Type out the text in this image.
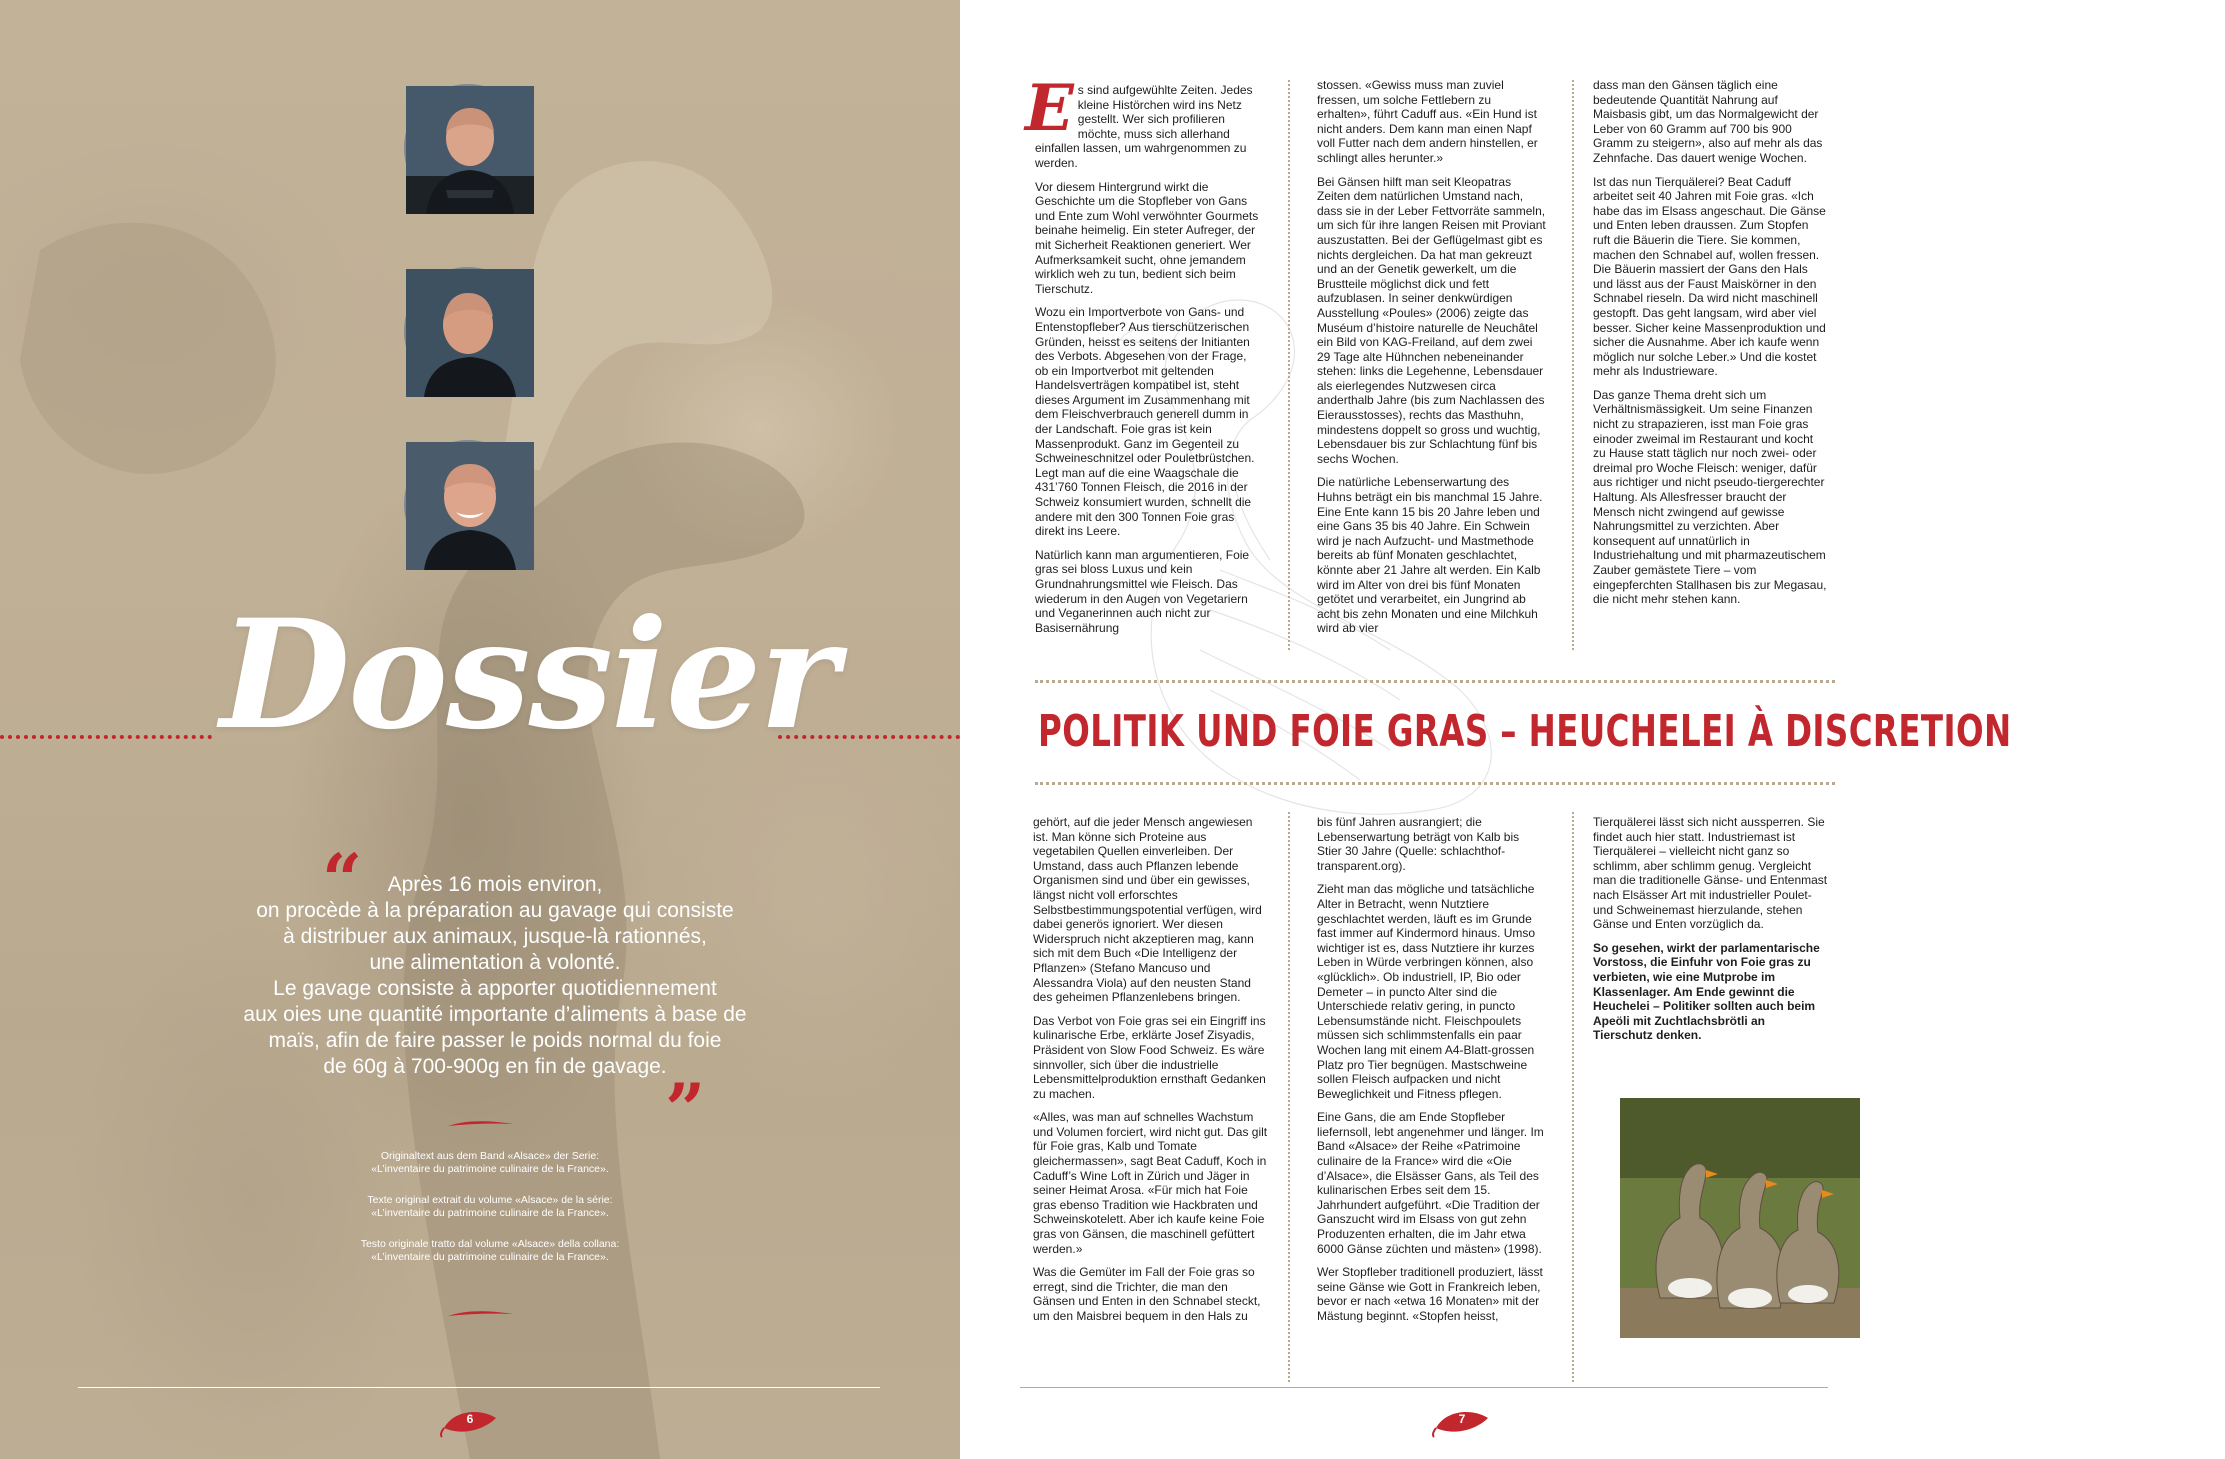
Dossier
“	Après 16 mois environ,
on procède à la préparation au gavage qui consiste
à distribuer aux animaux, jusque-là rationnés,
une alimentation à volonté.
Le gavage consiste à apporter quotidiennement
aux oies une quantité importante d’aliments à base de
maïs, afin de faire passer le poids normal du foie
de 60g à 700-900g en fin de gavage.
”

Originaltext aus dem Band «Alsace» der Serie:
«L’inventaire du patrimoine culinaire de la France».

Texte original extrait du volume «Alsace» de la série:
«L’inventaire du patrimoine culinaire de la France».

Testo originale tratto dal volume «Alsace» della collana:
«L’inventaire du patrimoine culinaire de la France».

6

Es sind aufgewühlte Zeiten. Jedes kleine Histörchen wird ins Netz gestellt. Wer sich profilieren möchte, muss sich allerhand einfallen lassen, um wahrgenommen zu werden.

Vor diesem Hintergrund wirkt die Geschichte um die Stopfleber von Gans und Ente zum Wohl verwöhnter Gourmets beinahe heimelig. Ein steter Aufreger, der mit Sicherheit Reaktionen generiert. Wer Aufmerksamkeit sucht, ohne jemandem wirklich weh zu tun, bedient sich beim Tierschutz.

Wozu ein Importverbote von Gans- und Entenstopfleber? Aus tierschützerischen Gründen, heisst es seitens der Initianten des Verbots. Abgesehen von der Frage, ob ein Importverbot mit geltenden Handelsverträgen kompatibel ist, steht dieses Argument im Zusammenhang mit dem Fleischverbrauch generell dumm in der Landschaft. Foie gras ist kein Massenprodukt. Ganz im Gegenteil zu Schweineschnitzel oder Pouletbrüstchen. Legt man auf die eine Waagschale die 431’760 Tonnen Fleisch, die 2016 in der Schweiz konsumiert wurden, schnellt die andere mit den 300 Tonnen Foie gras direkt ins Leere.

Natürlich kann man argumentieren, Foie gras sei bloss Luxus und kein Grundnahrungsmittel wie Fleisch. Das wiederum in den Augen von Vegetariern und Veganerinnen auch nicht zur Basisernährung

stossen. «Gewiss muss man zuviel fressen, um solche Fettlebern zu erhalten», führt Caduff aus. «Ein Hund ist nicht anders. Dem kann man einen Napf voll Futter nach dem andern hinstellen, er schlingt alles herunter.»

Bei Gänsen hilft man seit Kleopatras Zeiten dem natürlichen Umstand nach, dass sie in der Leber Fettvorräte sammeln, um sich für ihre langen Reisen mit Proviant auszustatten. Bei der Geflügelmast gibt es nichts dergleichen. Da hat man gekreuzt und an der Genetik gewerkelt, um die Brustteile möglichst dick und fett aufzublasen. In seiner denkwürdigen Ausstellung «Poules» (2006) zeigte das Muséum d’histoire naturelle de Neuchâtel ein Bild von KAG-Freiland, auf dem zwei 29 Tage alte Hühnchen nebeneinander stehen: links die Legehenne, Lebensdauer als eierlegendes Nutzwesen circa anderthalb Jahre (bis zum Nachlassen des Eierausstosses), rechts das Masthuhn, mindestens doppelt so gross und wuchtig, Lebensdauer bis zur Schlachtung fünf bis sechs Wochen.

Die natürliche Lebenserwartung des Huhns beträgt ein bis manchmal 15 Jahre. Eine Ente kann 15 bis 20 Jahre leben und eine Gans 35 bis 40 Jahre. Ein Schwein wird je nach Aufzucht- und Mastmethode bereits ab fünf Monaten geschlachtet, könnte aber 21 Jahre alt werden. Ein Kalb wird im Alter von drei bis fünf Monaten getötet und verarbeitet, ein Jungrind ab acht bis zehn Monaten und eine Milchkuh wird ab vier

dass man den Gänsen täglich eine bedeutende Quantität Nahrung auf Maisbasis gibt, um das Normalgewicht der Leber von 60 Gramm auf 700 bis 900 Gramm zu steigern», also auf mehr als das Zehnfache. Das dauert wenige Wochen.

Ist das nun Tierquälerei? Beat Caduff arbeitet seit 40 Jahren mit Foie gras. «Ich habe das im Elsass angeschaut. Die Gänse und Enten leben draussen. Zum Stopfen ruft die Bäuerin die Tiere. Sie kommen, machen den Schnabel auf, wollen fressen. Die Bäuerin massiert der Gans den Hals und lässt aus der Faust Maiskörner in den Schnabel rieseln. Da wird nicht maschinell gestopft. Das geht langsam, wird aber viel besser. Sicher keine Massenproduktion und sicher die Ausnahme. Aber ich kaufe wenn möglich nur solche Leber.» Und die kostet mehr als Industrieware.

Das ganze Thema dreht sich um Verhältnismässigkeit. Um seine Finanzen nicht zu strapazieren, isst man Foie gras einoder zweimal im Restaurant und kocht zu Hause statt täglich nur noch zwei- oder dreimal pro Woche Fleisch: weniger, dafür aus richtiger und nicht pseudo-tiergerechter Haltung. Als Allesfresser braucht der Mensch nicht zwingend auf gewisse Nahrungsmittel zu verzichten. Aber konsequent auf unnatürlich in Industriehaltung und mit pharmazeutischem Zauber gemästete Tiere – vom eingepferchten Stallhasen bis zur Megasau, die nicht mehr stehen kann.

POLITIK UND FOIE GRAS – HEUCHELEI À DISCRETION

gehört, auf die jeder Mensch angewiesen ist. Man könne sich Proteine aus vegetabilen Quellen einverleiben. Der Umstand, dass auch Pflanzen lebende Organismen sind und über ein gewisses, längst nicht voll erforschtes Selbstbestimmungspotential verfügen, wird dabei generös ignoriert. Wer diesen Widerspruch nicht akzeptieren mag, kann sich mit dem Buch «Die Intelligenz der Pflanzen» (Stefano Mancuso und Alessandra Viola) auf den neusten Stand des geheimen Pflanzenlebens bringen.

Das Verbot von Foie gras sei ein Eingriff ins kulinarische Erbe, erklärte Josef Zisyadis, Präsident von Slow Food Schweiz. Es wäre sinnvoller, sich über die industrielle Lebensmittelproduktion ernsthaft Gedanken zu machen.

«Alles, was man auf schnelles Wachstum und Volumen forciert, wird nicht gut. Das gilt für Foie gras, Kalb und Tomate gleichermassen», sagt Beat Caduff, Koch in Caduff’s Wine Loft in Zürich und Jäger in seiner Heimat Arosa. «Für mich hat Foie gras ebenso Tradition wie Hackbraten und Schweinskotelett. Aber ich kaufe keine Foie gras von Gänsen, die maschinell gefüttert werden.»

Was die Gemüter im Fall der Foie gras so erregt, sind die Trichter, die man den Gänsen und Enten in den Schnabel steckt, um den Maisbrei bequem in den Hals zu

bis fünf Jahren ausrangiert; die Lebenserwartung beträgt von Kalb bis Stier 30 Jahre (Quelle: schlachthof-transparent.org).

Zieht man das mögliche und tatsächliche Alter in Betracht, wenn Nutztiere geschlachtet werden, läuft es im Grunde fast immer auf Kindermord hinaus. Umso wichtiger ist es, dass Nutztiere ihr kurzes Leben in Würde verbringen können, also «glücklich». Ob industriell, IP, Bio oder Demeter – in puncto Alter sind die Unterschiede relativ gering, in puncto Lebensumstände nicht. Fleischpoulets müssen sich schlimmstenfalls ein paar Wochen lang mit einem A4-Blatt-grossen Platz pro Tier begnügen. Mastschweine sollen Fleisch aufpacken und nicht Beweglichkeit und Fitness pflegen.

Eine Gans, die am Ende Stopfleber liefernsoll, lebt angenehmer und länger. Im Band «Alsace» der Reihe «Patrimoine culinaire de la France» wird die «Oie d’Alsace», die Elsässer Gans, als Teil des kulinarischen Erbes seit dem 15. Jahrhundert aufgeführt. «Die Tradition der Ganszucht wird im Elsass von gut zehn Produzenten erhalten, die im Jahr etwa 6000 Gänse züchten und mästen» (1998).

Wer Stopfleber traditionell produziert, lässt seine Gänse wie Gott in Frankreich leben, bevor er nach «etwa 16 Monaten» mit der Mästung beginnt. «Stopfen heisst,

Tierquälerei lässt sich nicht aussperren. Sie findet auch hier statt. Industriemast ist Tierquälerei – vielleicht nicht ganz so schlimm, aber schlimm genug. Vergleicht man die traditionelle Gänse- und Entenmast nach Elsässer Art mit industrieller Poulet- und Schweinemast hierzulande, stehen Gänse und Enten vorzüglich da.

So gesehen, wirkt der parlamentarische Vorstoss, die Einfuhr von Foie gras zu verbieten, wie eine Mutprobe im Klassenlager. Am Ende gewinnt die Heuchelei – Politiker sollten auch beim Apeöli mit Zuchtlachsbrötli an Tierschutz denken.

7
